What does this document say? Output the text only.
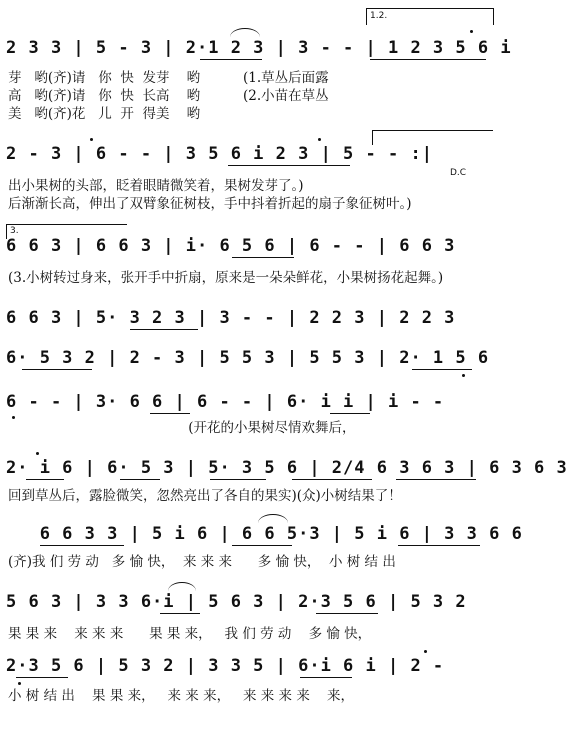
1.2.
2 3 3 | 5 - 3 | 2·1 2 3 | 3 - - | 1 2 3 5 6 i
芽   哟(齐)请   你  快  发芽    哟          (1.草丛后面露
高   哟(齐)请   你  快  长高    哟          (2.小苗在草丛
美   哟(齐)花   儿  开  得美    哟
2 - 3 | 6 - - | 3 5 6 i 2 3 | 5 - - :|
D.C
出小果树的头部，眨着眼睛微笑着，果树发芽了。)
后渐渐长高，伸出了双臂象征树枝，手中抖着折起的扇子象征树叶。)
3.
6 6 3 | 6 6 3 | i· 6 5 6 | 6 - - | 6 6 3
(3.小树转过身来，张开手中折扇，原来是一朵朵鲜花，小果树扬花起舞。)
6 6 3 | 5· 3 2 3 | 3 - - | 2 2 3 | 2 2 3
6· 5 3 2 | 2 - 3 | 5 5 3 | 5 5 3 | 2· 1 5 6
6 - - | 3· 6 6 | 6 - - | 6· i i | i - -
(开花的小果树尽情欢舞后，
2· i 6 | 6· 5 3 | 5· 3 5 6 | 2/4 6 3 6 3 | 6 3 6 3
回到草丛后，露脸微笑，忽然亮出了各自的果实)(众)小树结果了！
6 6 3 3 | 5 i 6 | 6 6 5·3 | 5 i 6 | 3 3 6 6
(齐)我 们 劳 动   多 愉 快，  来 来 来      多 愉 快，  小 树 结 出
5 6 3 | 3 3 6·i | 5 6 3 | 2·3 5 6 | 5 3 2
果 果 来    来 来 来      果 果 来，   我 们 劳 动    多 愉 快，
2·3 5 6 | 5 3 2 | 3 3 5 | 6·i 6 i | 2 -
小 树 结 出    果 果 来，   来 来 来，   来 来 来 来    来，
